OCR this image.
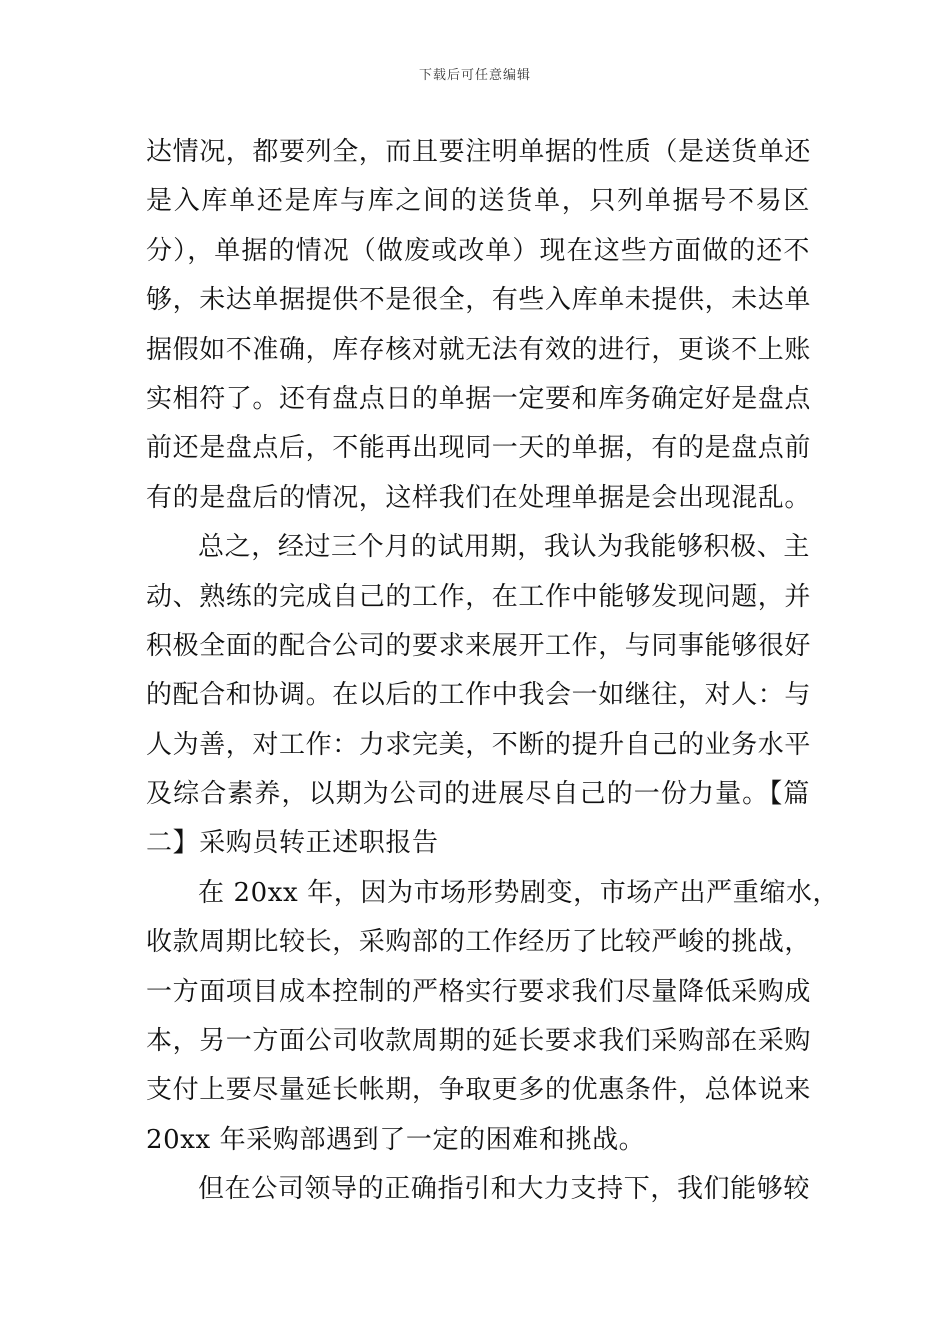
下载后可任意编辑
达情况，都要列全，而且要注明单据的性质（是送货单还
是入库单还是库与库之间的送货单，只列单据号不易区
分），单据的情况（做废或改单）现在这些方面做的还不
够，未达单据提供不是很全，有些入库单未提供，未达单
据假如不准确，库存核对就无法有效的进行，更谈不上账
实相符了。还有盘点日的单据一定要和库务确定好是盘点
前还是盘点后，不能再出现同一天的单据，有的是盘点前
有的是盘后的情况，这样我们在处理单据是会出现混乱。
总之，经过三个月的试用期，我认为我能够积极、主
动、熟练的完成自己的工作，在工作中能够发现问题，并
积极全面的配合公司的要求来展开工作，与同事能够很好
的配合和协调。在以后的工作中我会一如继往，对人：与
人为善，对工作：力求完美，不断的提升自己的业务水平
及综合素养，以期为公司的进展尽自己的一份力量。【篇
二】采购员转正述职报告
在 20xx 年，因为市场形势剧变，市场产出严重缩水，
收款周期比较长，采购部的工作经历了比较严峻的挑战，
一方面项目成本控制的严格实行要求我们尽量降低采购成
本，另一方面公司收款周期的延长要求我们采购部在采购
支付上要尽量延长帐期，争取更多的优惠条件，总体说来
20xx 年采购部遇到了一定的困难和挑战。
但在公司领导的正确指引和大力支持下，我们能够较
